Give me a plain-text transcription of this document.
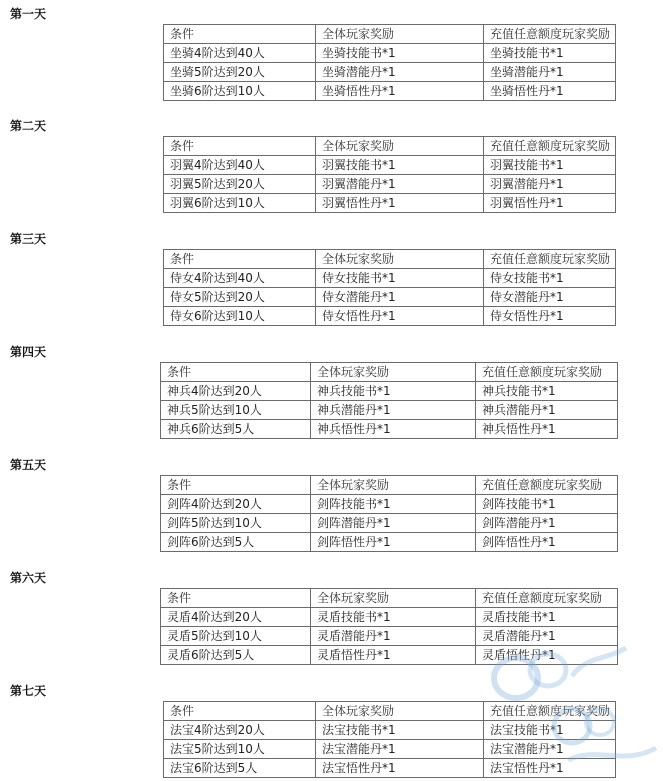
第一天
条件	全体玩家奖励	充值任意额度玩家奖励
坐骑4阶达到40人	坐骑技能书*1	坐骑技能书*1
坐骑5阶达到20人	坐骑潜能丹*1	坐骑潜能丹*1
坐骑6阶达到10人	坐骑悟性丹*1	坐骑悟性丹*1
第二天
条件	全体玩家奖励	充值任意额度玩家奖励
羽翼4阶达到40人	羽翼技能书*1	羽翼技能书*1
羽翼5阶达到20人	羽翼潜能丹*1	羽翼潜能丹*1
羽翼6阶达到10人	羽翼悟性丹*1	羽翼悟性丹*1
第三天
条件	全体玩家奖励	充值任意额度玩家奖励
侍女4阶达到40人	侍女技能书*1	侍女技能书*1
侍女5阶达到20人	侍女潜能丹*1	侍女潜能丹*1
侍女6阶达到10人	侍女悟性丹*1	侍女悟性丹*1
第四天
条件	全体玩家奖励	充值任意额度玩家奖励
神兵4阶达到20人	神兵技能书*1	神兵技能书*1
神兵5阶达到10人	神兵潜能丹*1	神兵潜能丹*1
神兵6阶达到5人	神兵悟性丹*1	神兵悟性丹*1
第五天
条件	全体玩家奖励	充值任意额度玩家奖励
剑阵4阶达到20人	剑阵技能书*1	剑阵技能书*1
剑阵5阶达到10人	剑阵潜能丹*1	剑阵潜能丹*1
剑阵6阶达到5人	剑阵悟性丹*1	剑阵悟性丹*1
第六天
条件	全体玩家奖励	充值任意额度玩家奖励
灵盾4阶达到20人	灵盾技能书*1	灵盾技能书*1
灵盾5阶达到10人	灵盾潜能丹*1	灵盾潜能丹*1
灵盾6阶达到5人	灵盾悟性丹*1	灵盾悟性丹*1
第七天
条件	全体玩家奖励	充值任意额度玩家奖励
法宝4阶达到20人	法宝技能书*1	法宝技能书*1
法宝5阶达到10人	法宝潜能丹*1	法宝潜能丹*1
法宝6阶达到5人	法宝悟性丹*1	法宝悟性丹*1
